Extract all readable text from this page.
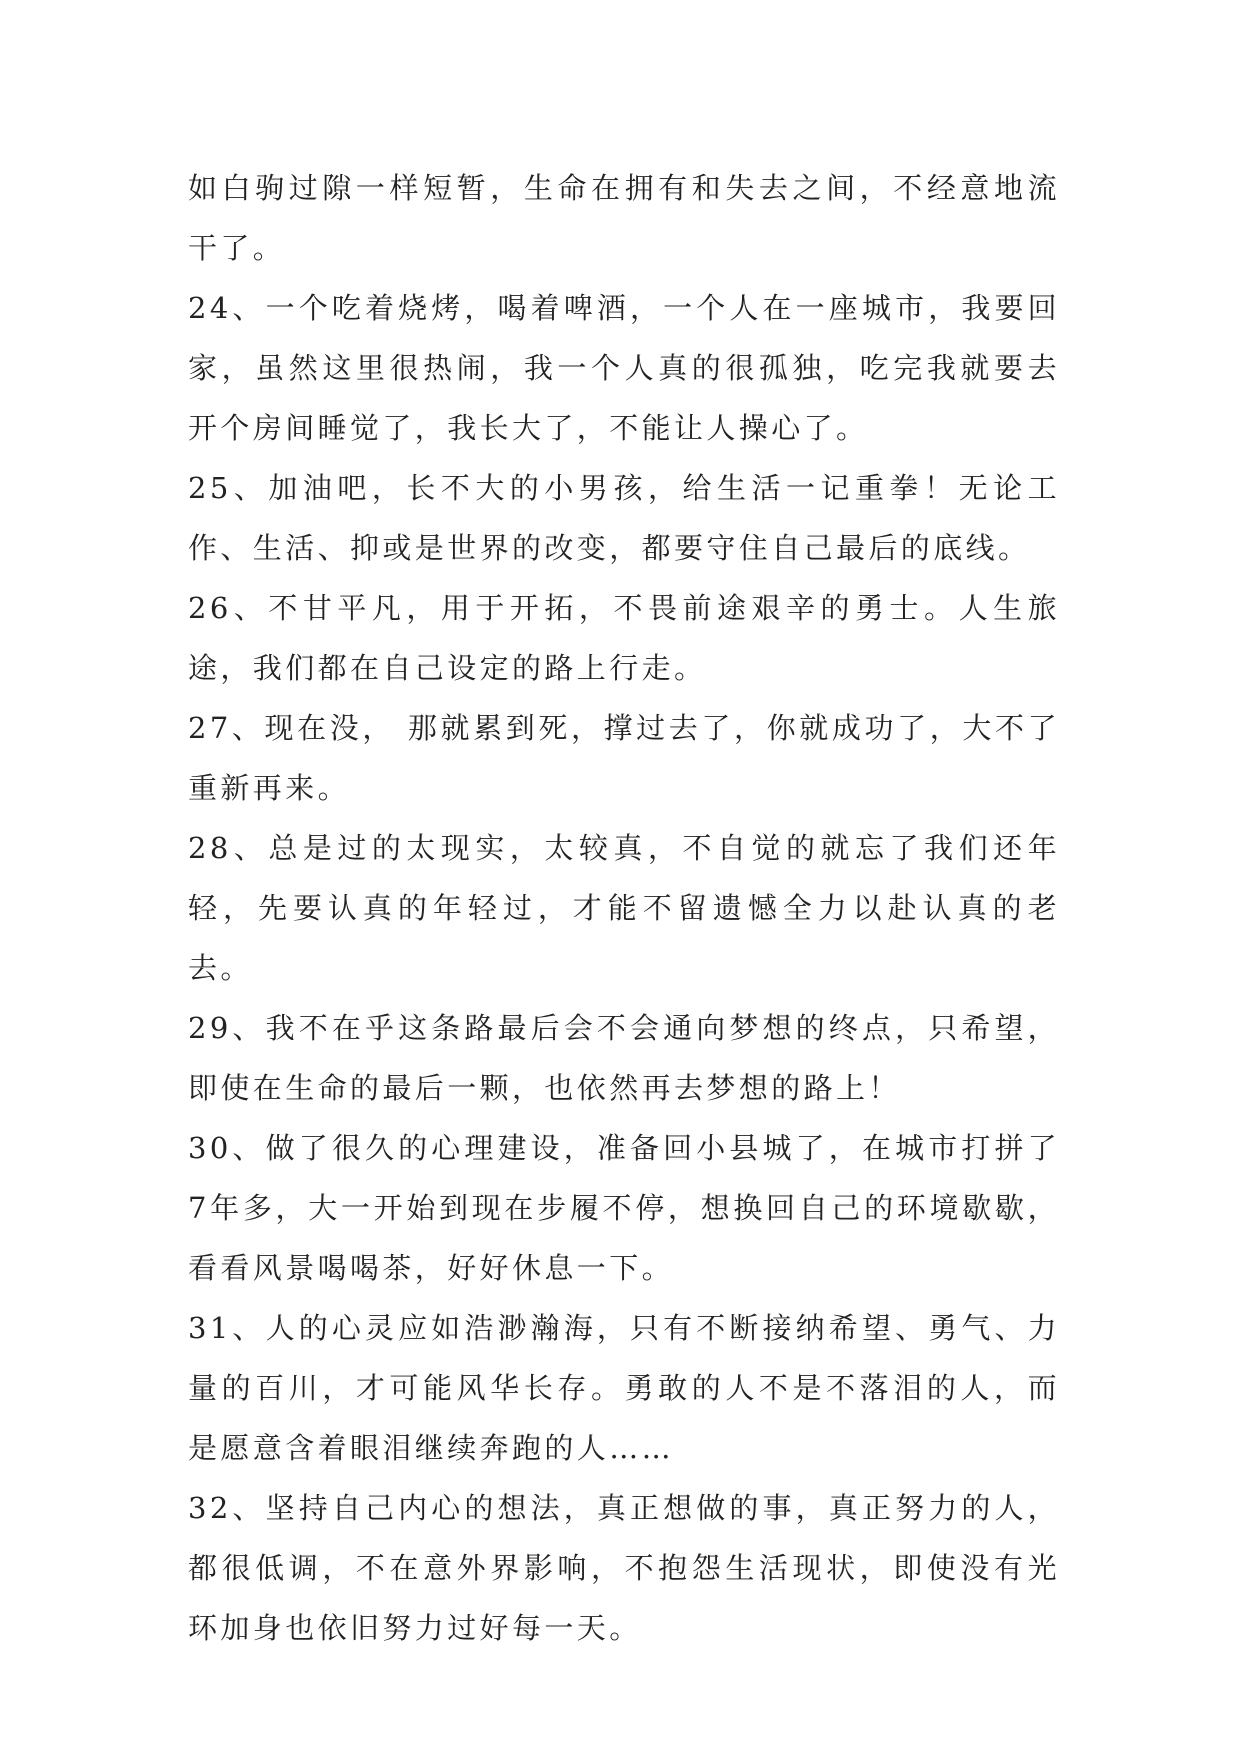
如白驹过隙一样短暂，生命在拥有和失去之间，不经意地流干了。

24、一个吃着烧烤，喝着啤酒，一个人在一座城市，我要回家，虽然这里很热闹，我一个人真的很孤独，吃完我就要去开个房间睡觉了，我长大了，不能让人操心了。

25、加油吧，长不大的小男孩，给生活一记重拳！无论工作、生活、抑或是世界的改变，都要守住自己最后的底线。

26、不甘平凡，用于开拓，不畏前途艰辛的勇士。人生旅途，我们都在自己设定的路上行走。

27、现在没， 那就累到死，撑过去了，你就成功了，大不了重新再来。

28、总是过的太现实，太较真，不自觉的就忘了我们还年轻，先要认真的年轻过，才能不留遗憾全力以赴认真的老去。

29、我不在乎这条路最后会不会通向梦想的终点，只希望，即使在生命的最后一颗，也依然再去梦想的路上！

30、做了很久的心理建设，准备回小县城了，在城市打拼了7年多，大一开始到现在步履不停，想换回自己的环境歇歇，看看风景喝喝茶，好好休息一下。

31、人的心灵应如浩渺瀚海，只有不断接纳希望、勇气、力量的百川，才可能风华长存。勇敢的人不是不落泪的人，而是愿意含着眼泪继续奔跑的人……

32、坚持自己内心的想法，真正想做的事，真正努力的人，都很低调，不在意外界影响，不抱怨生活现状，即使没有光环加身也依旧努力过好每一天。
